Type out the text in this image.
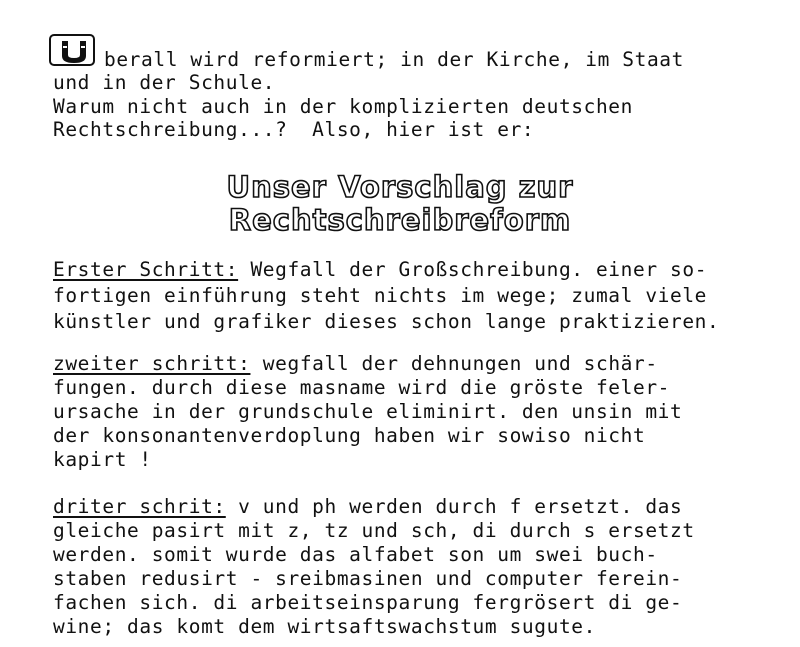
berall wird reformiert; in der Kirche, im Staat
und in der Schule.
Warum nicht auch in der komplizierten deutschen
Rechtschreibung...?  Also, hier ist er:
Unser Vorschlag zur
Rechtschreibreform
Erster Schritt: Wegfall der Großschreibung. einer so-
fortigen einführung steht nichts im wege; zumal viele
künstler und grafiker dieses schon lange praktizieren.
zweiter schritt: wegfall der dehnungen und schär-
fungen. durch diese masname wird die gröste feler-
ursache in der grundschule eliminirt. den unsin mit
der konsonantenverdoplung haben wir sowiso nicht
kapirt !
driter schrit: v und ph werden durch f ersetzt. das
gleiche pasirt mit z, tz und sch, di durch s ersetzt
werden. somit wurde das alfabet son um swei buch-
staben redusirt - sreibmasinen und computer ferein-
fachen sich. di arbeitseinsparung fergrösert di ge-
wine; das komt dem wirtsaftswachstum sugute.
